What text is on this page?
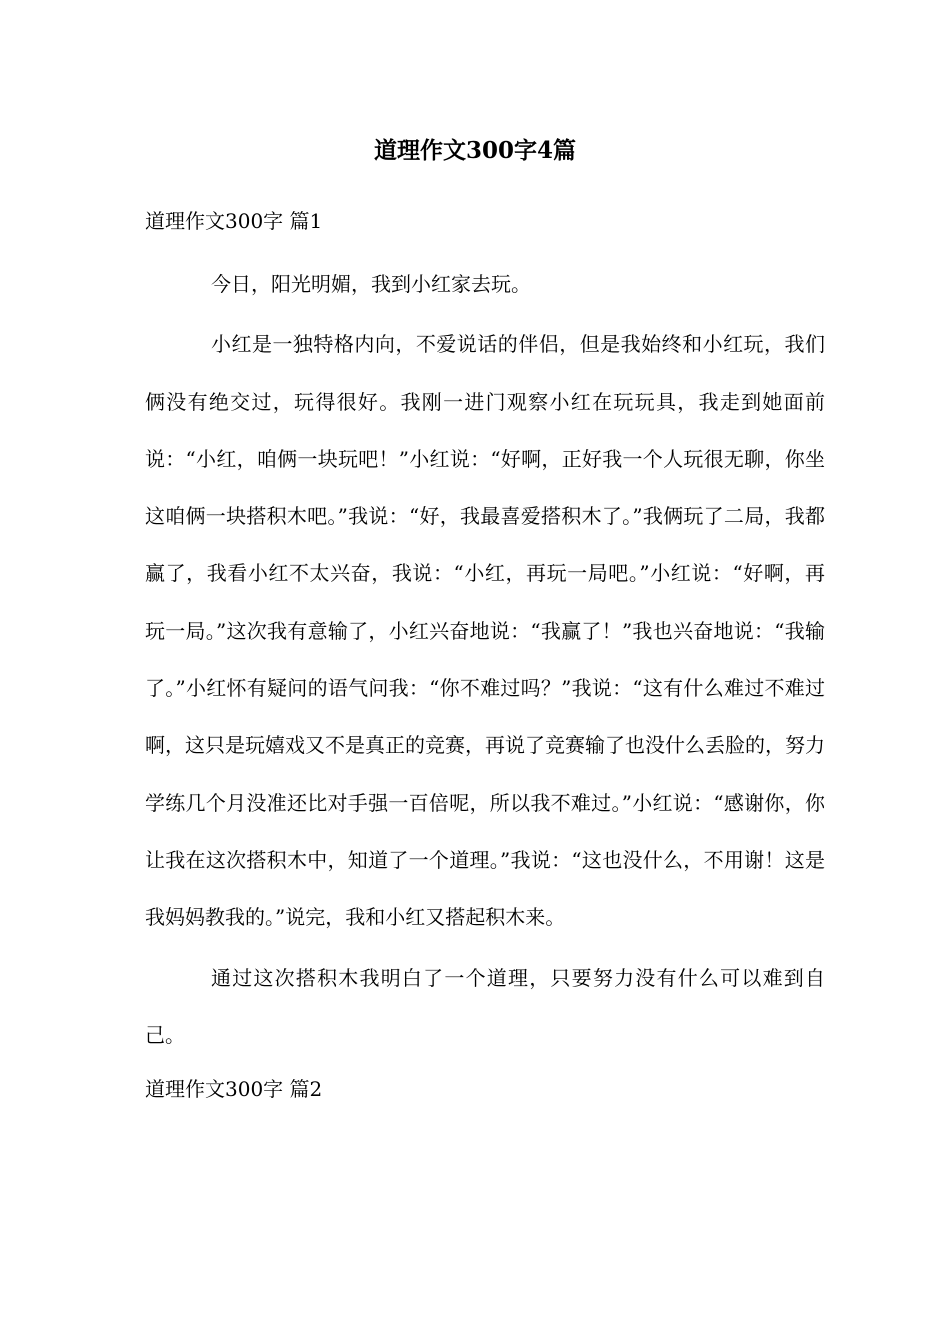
道理作文300字4篇
道理作文300字 篇1

今日，阳光明媚，我到小红家去玩。

小红是一独特格内向，不爱说话的伴侣，但是我始终和小红玩，我们俩没有绝交过，玩得很好。我刚一进门观察小红在玩玩具，我走到她面前说：“小红，咱俩一块玩吧！”小红说：“好啊，正好我一个人玩很无聊，你坐这咱俩一块搭积木吧。”我说：“好，我最喜爱搭积木了。”我俩玩了二局，我都赢了，我看小红不太兴奋，我说：“小红，再玩一局吧。”小红说：“好啊，再玩一局。”这次我有意输了，小红兴奋地说：“我赢了！”我也兴奋地说：“我输了。”小红怀有疑问的语气问我：“你不难过吗？”我说：“这有什么难过不难过啊，这只是玩嬉戏又不是真正的竞赛，再说了竞赛输了也没什么丢脸的，努力学练几个月没准还比对手强一百倍呢，所以我不难过。”小红说：“感谢你，你让我在这次搭积木中，知道了一个道理。”我说：“这也没什么，不用谢！这是我妈妈教我的。”说完，我和小红又搭起积木来。

通过这次搭积木我明白了一个道理，只要努力没有什么可以难到自己。

道理作文300字 篇2
